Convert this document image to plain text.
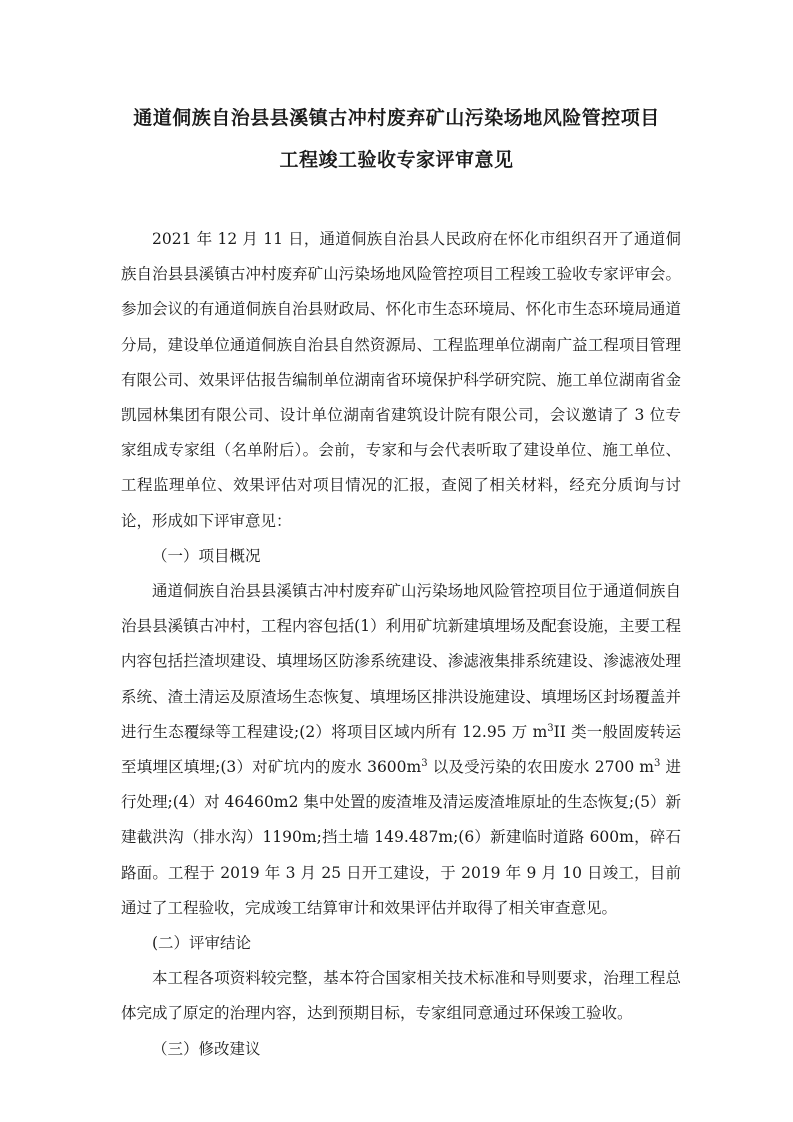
通道侗族自治县县溪镇古冲村废弃矿山污染场地风险管控项目
工程竣工验收专家评审意见

2021 年 12 月 11 日，通道侗族自治县人民政府在怀化市组织召开了通道侗族自治县县溪镇古冲村废弃矿山污染场地风险管控项目工程竣工验收专家评审会。参加会议的有通道侗族自治县财政局、怀化市生态环境局、怀化市生态环境局通道分局，建设单位通道侗族自治县自然资源局、工程监理单位湖南广益工程项目管理有限公司、效果评估报告编制单位湖南省环境保护科学研究院、施工单位湖南省金凯园林集团有限公司、设计单位湖南省建筑设计院有限公司，会议邀请了 3 位专家组成专家组（名单附后）。会前，专家和与会代表听取了建设单位、施工单位、工程监理单位、效果评估对项目情况的汇报，查阅了相关材料，经充分质询与讨论，形成如下评审意见：

（一）项目概况

通道侗族自治县县溪镇古冲村废弃矿山污染场地风险管控项目位于通道侗族自治县县溪镇古冲村，工程内容包括(1）利用矿坑新建填埋场及配套设施，主要工程内容包括拦渣坝建设、填埋场区防渗系统建设、渗滤液集排系统建设、渗滤液处理系统、渣土清运及原渣场生态恢复、填埋场区排洪设施建设、填埋场区封场覆盖并进行生态覆绿等工程建设;(2）将项目区域内所有 12.95 万 $m^3II$ 类一般固废转运至填埋区填埋;(3）对矿坑内的废水 $3600m^3$ 以及受污染的农田废水 2700 $m^3$ 进行处理;(4）对 46460m2 集中处置的废渣堆及清运废渣堆原址的生态恢复;(5）新建截洪沟（排水沟）1190m;挡土墙 149.487m;(6）新建临时道路 600m，碎石路面。工程于 2019 年 3 月 25 日开工建设，于 2019 年 9 月 10 日竣工，目前通过了工程验收，完成竣工结算审计和效果评估并取得了相关审查意见。

(二）评审结论

本工程各项资料较完整，基本符合国家相关技术标准和导则要求，治理工程总体完成了原定的治理内容，达到预期目标，专家组同意通过环保竣工验收。

（三）修改建议
